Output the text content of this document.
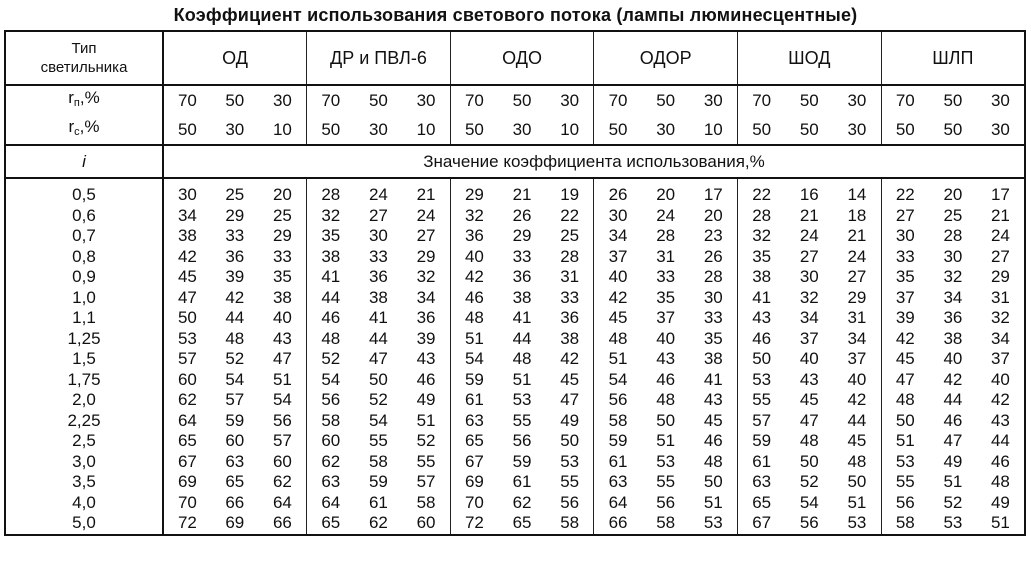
Коэффициент использования светового потока (лампы люминесцентные)
Тип
светильника	ОД			ДР и ПВЛ-6			ОДО			ОДОР			ШОД			ШЛП		
$r_п,\%$	70	50	30	70	50	30	70	50	30	70	50	30	70	50	30	70	50	30
$r_с,\%$	50	30	10	50	30	10	50	30	10	50	30	10	50	50	30	50	50	30
i	Значение коэффициента использования,%																	
0,5	30	25	20	28	24	21	29	21	19	26	20	17	22	16	14	22	20	17
0,6	34	29	25	32	27	24	32	26	22	30	24	20	28	21	18	27	25	21
0,7	38	33	29	35	30	27	36	29	25	34	28	23	32	24	21	30	28	24
0,8	42	36	33	38	33	29	40	33	28	37	31	26	35	27	24	33	30	27
0,9	45	39	35	41	36	32	42	36	31	40	33	28	38	30	27	35	32	29
1,0	47	42	38	44	38	34	46	38	33	42	35	30	41	32	29	37	34	31
1,1	50	44	40	46	41	36	48	41	36	45	37	33	43	34	31	39	36	32
1,25	53	48	43	48	44	39	51	44	38	48	40	35	46	37	34	42	38	34
1,5	57	52	47	52	47	43	54	48	42	51	43	38	50	40	37	45	40	37
1,75	60	54	51	54	50	46	59	51	45	54	46	41	53	43	40	47	42	40
2,0	62	57	54	56	52	49	61	53	47	56	48	43	55	45	42	48	44	42
2,25	64	59	56	58	54	51	63	55	49	58	50	45	57	47	44	50	46	43
2,5	65	60	57	60	55	52	65	56	50	59	51	46	59	48	45	51	47	44
3,0	67	63	60	62	58	55	67	59	53	61	53	48	61	50	48	53	49	46
3,5	69	65	62	63	59	57	69	61	55	63	55	50	63	52	50	55	51	48
4,0	70	66	64	64	61	58	70	62	56	64	56	51	65	54	51	56	52	49
5,0	72	69	66	65	62	60	72	65	58	66	58	53	67	56	53	58	53	51
